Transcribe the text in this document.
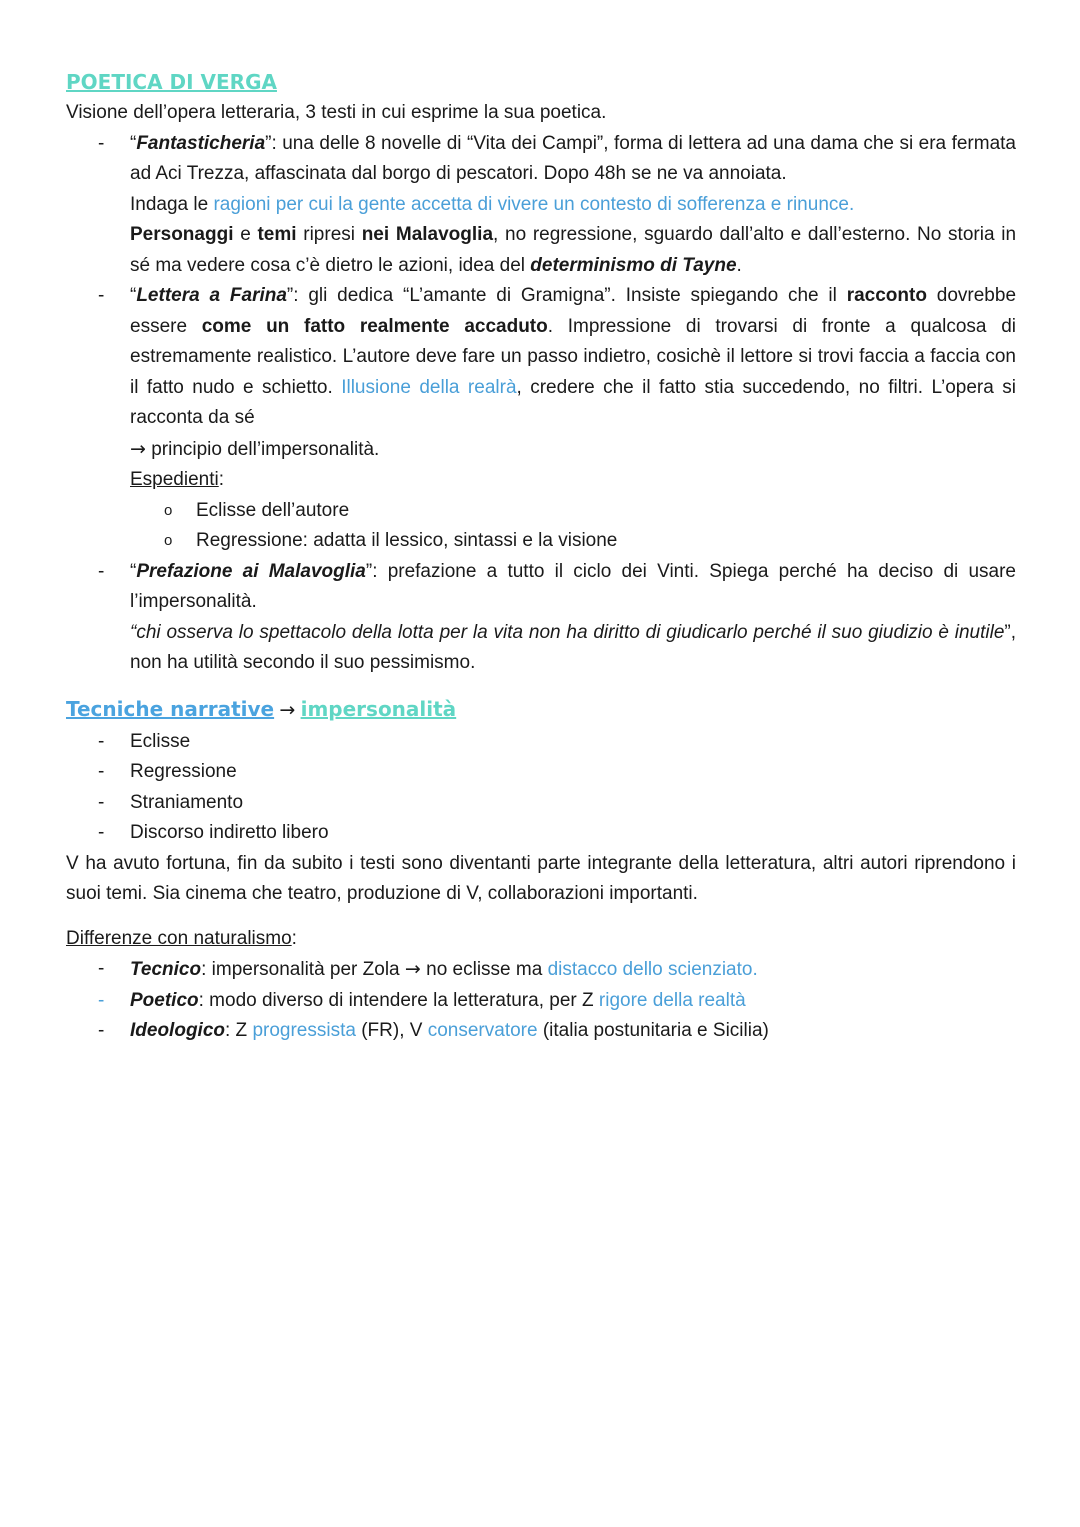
POETICA DI VERGA
Visione dell’opera letteraria, 3 testi in cui esprime la sua poetica.
- “Fantasticheria”: una delle 8 novelle di “Vita dei Campi”, forma di lettera ad una dama che si era fermata ad Aci Trezza, affascinata dal borgo di pescatori. Dopo 48h se ne va annoiata.
Indaga le ragioni per cui la gente accetta di vivere un contesto di sofferenza e rinunce.
Personaggi e temi ripresi nei Malavoglia, no regressione, sguardo dall’alto e dall’esterno. No storia in sé ma vedere cosa c’è dietro le azioni, idea del determinismo di Tayne.
- “Lettera a Farina”: gli dedica “L’amante di Gramigna”. Insiste spiegando che il racconto dovrebbe essere come un fatto realmente accaduto. Impressione di trovarsi di fronte a qualcosa di estremamente realistico. L’autore deve fare un passo indietro, cosichè il lettore si trovi faccia a faccia con il fatto nudo e schietto. Illusione della realrà, credere che il fatto stia succedendo, no filtri. L’opera si racconta da sé
→ principio dell’impersonalità.
Espedienti:
o Eclisse dell’autore
o Regressione: adatta il lessico, sintassi e la visione
- “Prefazione ai Malavoglia”: prefazione a tutto il ciclo dei Vinti. Spiega perché ha deciso di usare l’impersonalità.
“chi osserva lo spettacolo della lotta per la vita non ha diritto di giudicarlo perché il suo giudizio è inutile”, non ha utilità secondo il suo pessimismo.
Tecniche narrative → impersonalità
- Eclisse
- Regressione
- Straniamento
- Discorso indiretto libero
V ha avuto fortuna, fin da subito i testi sono diventanti parte integrante della letteratura, altri autori riprendono i suoi temi. Sia cinema che teatro, produzione di V, collaborazioni importanti.
Differenze con naturalismo:
- Tecnico: impersonalità per Zola → no eclisse ma distacco dello scienziato.
- Poetico: modo diverso di intendere la letteratura, per Z rigore della realtà
- Ideologico: Z progressista (FR), V conservatore (italia postunitaria e Sicilia)
